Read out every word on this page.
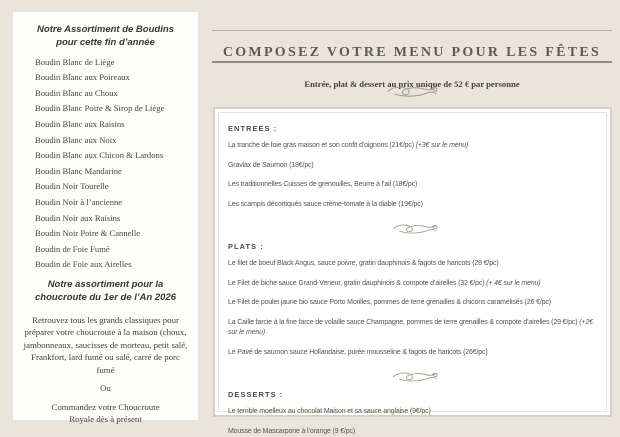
Notre Assortiment de Boudins pour cette fin d’année
Boudin Blanc de Liège
Boudin Blanc aux Poireaux
Boudin Blanc au Choux
Boudin Blanc Poire & Sirop de Liège
Boudin Blanc aux Raisins
Boudin Blanc aux Noix
Boudin Blanc aux Chicon & Lardons
Boudin Blanc Mandarine
Boudin Noir Tourelle
Boudin Noir à l’ancienne
Boudin Noir aux Raisins
Boudin Noir Poire & Cannelle
Boudin de Foie Fumé
Boudin de Foie aux Airelles
Notre assortiment pour la choucroute du 1er de l’An 2026

Retrouvez tous les grands classiques pour préparer votre choucroute à la maison (choux, jambonneaux, saucisses de morteau, petit salé, Frankfort, lard fumé ou salé, carré de porc fumé

Ou

Commandez votre Choucroute Royale dès à présent

COMPOSEZ VOTRE MENU POUR LES FÊTES

Entrée, plat & dessert au prix unique de 52 € par personne

ENTREES :
La tranche de foie gras maison et son confit d’oignons (21€/pc) (+3€ sur le menu)
Gravlax de Saumon (18€/pc)
Les traditionnelles Cuisses de grenouilles, Beurre à l’ail (18€/pc)
Les scampis décortiqués sauce crème-tomate à la diable (19€/pc)
PLATS :
Le filet de boeuf Black Angus, sauce poivre, gratin dauphinois & fagots de haricots (28 €/pc)
Le Filet de biche sauce Grand-Veneur, gratin dauphinois & compote d’airelles (32 €/pc) (+ 4€ sur le menu)
Le Filet de poulet jaune bio sauce Porto Morilles, pommes de terre grenailles & chicons caramélisés (26 €/pc)
La Caille farcie à la fine farce de volaille sauce Champagne, pommes de terre grenailles & compote d’airelles (29 €/pc) (+2€ sur le menu)
Le Pavé de saumon sauce Hollandaise, purée mousseline & fagots de haricots (26€/pc)
DESSERTS :
Le terrible moelleux au chocolat Maison et sa sauce anglaise (9€/pc)
Mousse de Mascarpone à l’orange (9 €/pc)
